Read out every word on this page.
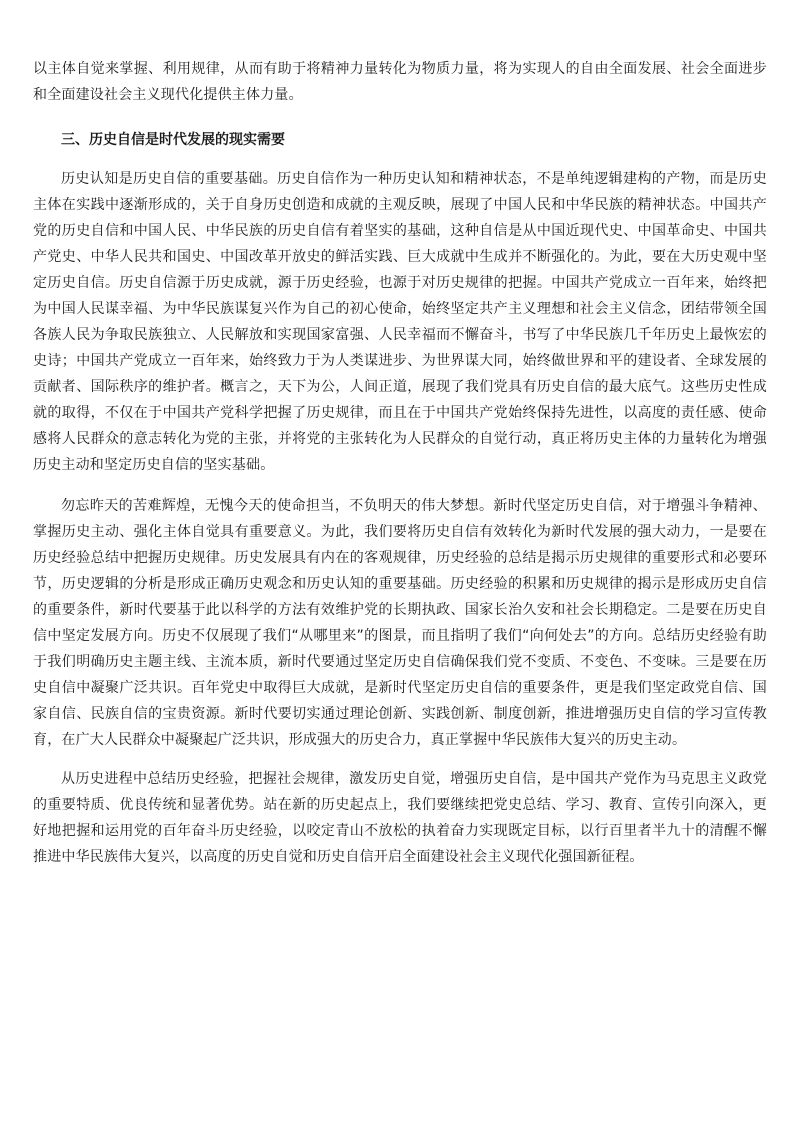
以主体自觉来掌握、利用规律，从而有助于将精神力量转化为物质力量，将为实现人的自由全面发展、社会全面进步和全面建设社会主义现代化提供主体力量。

三、历史自信是时代发展的现实需要

历史认知是历史自信的重要基础。历史自信作为一种历史认知和精神状态，不是单纯逻辑建构的产物，而是历史主体在实践中逐渐形成的，关于自身历史创造和成就的主观反映，展现了中国人民和中华民族的精神状态。中国共产党的历史自信和中国人民、中华民族的历史自信有着坚实的基础，这种自信是从中国近现代史、中国革命史、中国共产党史、中华人民共和国史、中国改革开放史的鲜活实践、巨大成就中生成并不断强化的。为此，要在大历史观中坚定历史自信。历史自信源于历史成就，源于历史经验，也源于对历史规律的把握。中国共产党成立一百年来，始终把为中国人民谋幸福、为中华民族谋复兴作为自己的初心使命，始终坚定共产主义理想和社会主义信念，团结带领全国各族人民为争取民族独立、人民解放和实现国家富强、人民幸福而不懈奋斗，书写了中华民族几千年历史上最恢宏的史诗；中国共产党成立一百年来，始终致力于为人类谋进步、为世界谋大同，始终做世界和平的建设者、全球发展的贡献者、国际秩序的维护者。概言之，天下为公，人间正道，展现了我们党具有历史自信的最大底气。这些历史性成就的取得，不仅在于中国共产党科学把握了历史规律，而且在于中国共产党始终保持先进性，以高度的责任感、使命感将人民群众的意志转化为党的主张，并将党的主张转化为人民群众的自觉行动，真正将历史主体的力量转化为增强历史主动和坚定历史自信的坚实基础。

勿忘昨天的苦难辉煌，无愧今天的使命担当，不负明天的伟大梦想。新时代坚定历史自信，对于增强斗争精神、掌握历史主动、强化主体自觉具有重要意义。为此，我们要将历史自信有效转化为新时代发展的强大动力，一是要在历史经验总结中把握历史规律。历史发展具有内在的客观规律，历史经验的总结是揭示历史规律的重要形式和必要环节，历史逻辑的分析是形成正确历史观念和历史认知的重要基础。历史经验的积累和历史规律的揭示是形成历史自信的重要条件，新时代要基于此以科学的方法有效维护党的长期执政、国家长治久安和社会长期稳定。二是要在历史自信中坚定发展方向。历史不仅展现了我们“从哪里来”的图景，而且指明了我们“向何处去”的方向。总结历史经验有助于我们明确历史主题主线、主流本质，新时代要通过坚定历史自信确保我们党不变质、不变色、不变味。三是要在历史自信中凝聚广泛共识。百年党史中取得巨大成就，是新时代坚定历史自信的重要条件，更是我们坚定政党自信、国家自信、民族自信的宝贵资源。新时代要切实通过理论创新、实践创新、制度创新，推进增强历史自信的学习宣传教育，在广大人民群众中凝聚起广泛共识，形成强大的历史合力，真正掌握中华民族伟大复兴的历史主动。

从历史进程中总结历史经验，把握社会规律，激发历史自觉，增强历史自信，是中国共产党作为马克思主义政党的重要特质、优良传统和显著优势。站在新的历史起点上，我们要继续把党史总结、学习、教育、宣传引向深入，更好地把握和运用党的百年奋斗历史经验，以咬定青山不放松的执着奋力实现既定目标，以行百里者半九十的清醒不懈推进中华民族伟大复兴，以高度的历史自觉和历史自信开启全面建设社会主义现代化强国新征程。
